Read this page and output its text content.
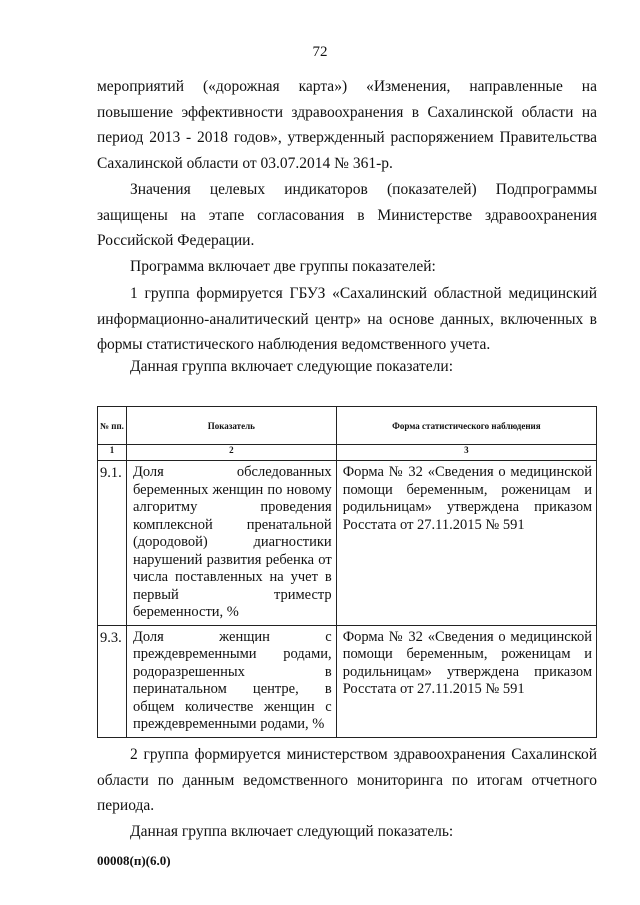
72

мероприятий («дорожная карта») «Изменения, направленные на повышение эффективности здравоохранения в Сахалинской области на период 2013 - 2018 годов», утвержденный распоряжением Правительства Сахалинской области от 03.07.2014 № 361-р.

Значения целевых индикаторов (показателей) Подпрограммы защищены на этапе согласования в Министерстве здравоохранения Российской Федерации.

Программа включает две группы показателей:

1 группа формируется ГБУЗ «Сахалинский областной медицинский информационно-аналитический центр» на основе данных, включенных в формы статистического наблюдения ведомственного учета.

Данная группа включает следующие показатели:

№ пп.	Показатель	Форма статистического наблюдения
1	2	3
9.1.	Доля обследованных беременных женщин по новому алгоритму проведения комплексной пренатальной (дородовой) диагностики нарушений развития ребенка от числа поставленных на учет в первый триместр беременности, %	Форма № 32 «Сведения о медицинской помощи беременным, роженицам и родильницам» утверждена приказом Росстата от 27.11.2015 № 591
9.3.	Доля женщин с преждевременными родами, родоразрешенных в перинатальном центре, в общем количестве женщин с преждевременными родами, %	Форма № 32 «Сведения о медицинской помощи беременным, роженицам и родильницам» утверждена приказом Росстата от 27.11.2015 № 591

2 группа формируется министерством здравоохранения Сахалинской области по данным ведомственного мониторинга по итогам отчетного периода.

Данная группа включает следующий показатель:

00008(п)(6.0)
